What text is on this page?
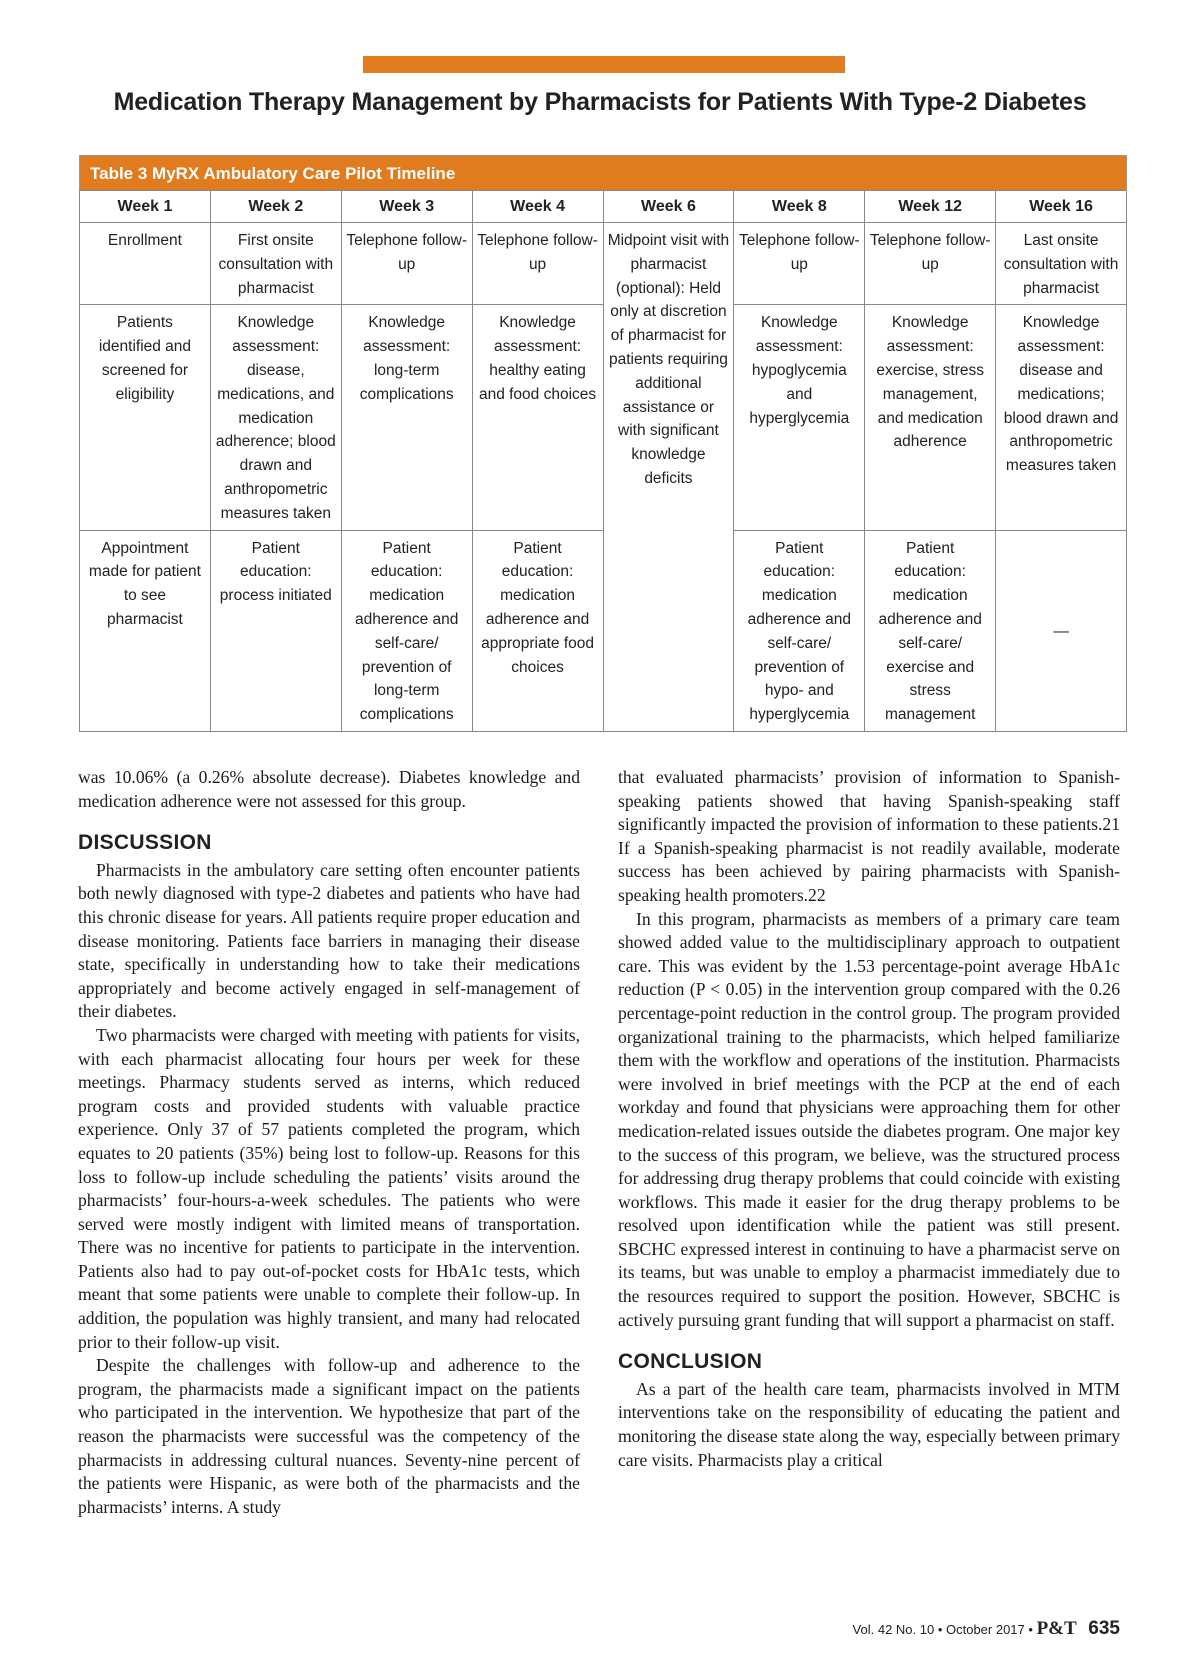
Medication Therapy Management by Pharmacists for Patients With Type-2 Diabetes
Table 3 MyRX Ambulatory Care Pilot Timeline
Week 1	Week 2	Week 3	Week 4	Week 6	Week 8	Week 12	Week 16
Enrollment	First onsite consultation with pharmacist	Telephone follow-up	Telephone follow-up	Midpoint visit with pharmacist (optional): Held only at discretion of pharmacist for patients requiring additional assistance or with significant knowledge deficits	Telephone follow-up	Telephone follow-up	Last onsite consultation with pharmacist
Patients identified and screened for eligibility	Knowledge assessment: disease, medications, and medication adherence; blood drawn and anthropometric measures taken	Knowledge assessment: long-term complications	Knowledge assessment: healthy eating and food choices		Knowledge assessment: hypoglycemia and hyperglycemia	Knowledge assessment: exercise, stress management, and medication adherence	Knowledge assessment: disease and medications; blood drawn and anthropometric measures taken
Appointment made for patient to see pharmacist	Patient education: process initiated	Patient education: medication adherence and self-care/ prevention of long-term complications	Patient education: medication adherence and appropriate food choices		Patient education: medication adherence and self-care/ prevention of hypo- and hyperglycemia	Patient education: medication adherence and self-care/ exercise and stress management	—

was 10.06% (a 0.26% absolute decrease). Diabetes knowledge and medication adherence were not assessed for this group.

DISCUSSION

Pharmacists in the ambulatory care setting often encounter patients both newly diagnosed with type-2 diabetes and patients who have had this chronic disease for years. All patients require proper education and disease monitoring. Patients face barriers in managing their disease state, specifically in understanding how to take their medications appropriately and become actively engaged in self-management of their diabetes.

Two pharmacists were charged with meeting with patients for visits, with each pharmacist allocating four hours per week for these meetings. Pharmacy students served as interns, which reduced program costs and provided students with valuable practice experience. Only 37 of 57 patients completed the program, which equates to 20 patients (35%) being lost to follow-up. Reasons for this loss to follow-up include scheduling the patients’ visits around the pharmacists’ four-hours-a-week schedules. The patients who were served were mostly indigent with limited means of transportation. There was no incentive for patients to participate in the intervention. Patients also had to pay out-of-pocket costs for HbA1c tests, which meant that some patients were unable to complete their follow-up. In addition, the population was highly transient, and many had relocated prior to their follow-up visit.

Despite the challenges with follow-up and adherence to the program, the pharmacists made a significant impact on the patients who participated in the intervention. We hypothesize that part of the reason the pharmacists were successful was the competency of the pharmacists in addressing cultural nuances. Seventy-nine percent of the patients were Hispanic, as were both of the pharmacists and the pharmacists’ interns. A study

that evaluated pharmacists’ provision of information to Spanish-speaking patients showed that having Spanish-speaking staff significantly impacted the provision of information to these patients.21 If a Spanish-speaking pharmacist is not readily available, moderate success has been achieved by pairing pharmacists with Spanish-speaking health promoters.22

In this program, pharmacists as members of a primary care team showed added value to the multidisciplinary approach to outpatient care. This was evident by the 1.53 percentage-point average HbA1c reduction (P < 0.05) in the intervention group compared with the 0.26 percentage-point reduction in the control group. The program provided organizational training to the pharmacists, which helped familiarize them with the workflow and operations of the institution. Pharmacists were involved in brief meetings with the PCP at the end of each workday and found that physicians were approaching them for other medication-related issues outside the diabetes program. One major key to the success of this program, we believe, was the structured process for addressing drug therapy problems that could coincide with existing workflows. This made it easier for the drug therapy problems to be resolved upon identification while the patient was still present. SBCHC expressed interest in continuing to have a pharmacist serve on its teams, but was unable to employ a pharmacist immediately due to the resources required to support the position. However, SBCHC is actively pursuing grant funding that will support a pharmacist on staff.

CONCLUSION

As a part of the health care team, pharmacists involved in MTM interventions take on the responsibility of educating the patient and monitoring the disease state along the way, especially between primary care visits. Pharmacists play a critical

Vol. 42 No. 10 • October 2017 • P&T 635
